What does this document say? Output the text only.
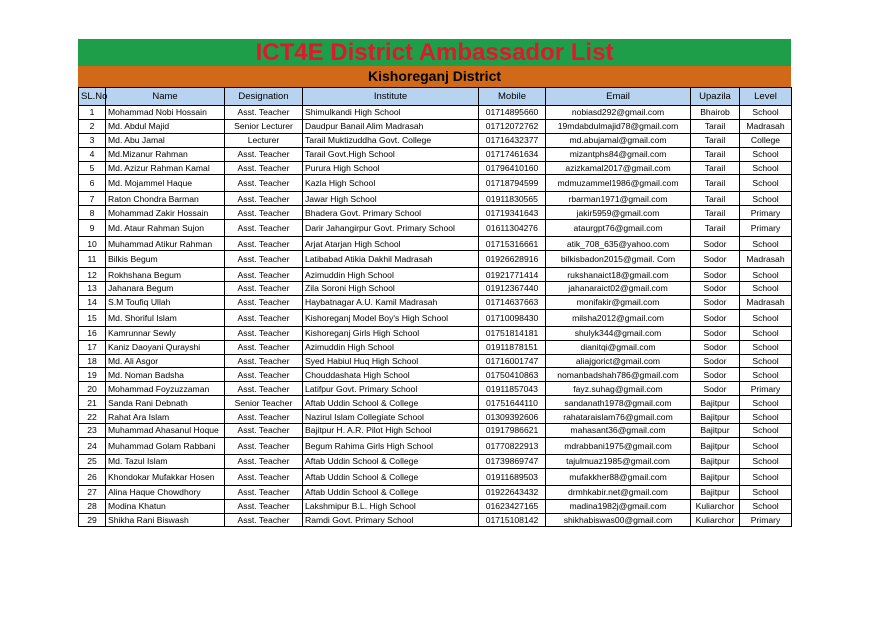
ICT4E District Ambassador List
Kishoreganj District
SL.No	Name	Designation	Institute	Mobile	Email	Upazila	Level
1	Mohammad Nobi Hossain	Asst. Teacher	Shimulkandi High School	01714895660	nobiasd292@gmail.com	Bhairob	School
2	Md. Abdul Majid	Senior Lecturer	Daudpur Banail Alim Madrasah	01712072762	19mdabdulmajid78@gmail.com	Tarail	Madrasah
3	Md. Abu Jamal	Lecturer	Tarail Muktizuddha Govt. College	01716432377	md.abujamal@gmail.com	Tarail	College
4	Md.Mizanur Rahman	Asst. Teacher	Tarail Govt.High School	01717461634	mizantphs84@gmail.com	Tarail	School
5	Md. Azizur Rahman Kamal	Asst. Teacher	Purura High School	01796410160	azizkamal2017@gmail.com	Tarail	School
6	Md. Mojammel Haque	Asst. Teacher	Kazla High School	01718794599	mdmuzammel1986@gmail.com	Tarail	School
7	Raton Chondra Barman	Asst. Teacher	Jawar High School	01911830565	rbarman1971@gmail.com	Tarail	School
8	Mohammad Zakir Hossain	Asst. Teacher	Bhadera Govt. Primary School	01719341643	jakir5959@gmail.com	Tarail	Primary
9	Md. Ataur Rahman Sujon	Asst. Teacher	Darir Jahangirpur Govt. Primary School	01611304276	ataurgpt76@gmail.com	Tarail	Primary
10	Muhammad Atikur Rahman	Asst. Teacher	Arjat Atarjan High School	01715316661	atik_708_635@yahoo.com	Sodor	School
11	Bilkis Begum	Asst. Teacher	Latibabad Atikia Dakhil Madrasah	01926628916	bilkisbadon2015@gmail. Com	Sodor	Madrasah
12	Rokhshana Begum	Asst. Teacher	Azimuddin High School	01921771414	rukshanaict18@gmail.com	Sodor	School
13	Jahanara Begum	Asst. Teacher	Zila Soroni High School	01912367440	jahanaraict02@gmail.com	Sodor	School
14	S.M Toufiq Ullah	Asst. Teacher	Haybatnagar A.U. Kamil Madrasah	01714637663	monifakir@gmail.com	Sodor	Madrasah
15	Md. Shoriful Islam	Asst. Teacher	Kishoreganj Model Boy's High School	01710098430	milsha2012@gmail.com	Sodor	School
16	Kamrunnar Sewly	Asst. Teacher	Kishoreganj Girls High School	01751814181	shulyk344@gmail.com	Sodor	School
17	Kaniz Daoyani Qurayshi	Asst. Teacher	Azimuddin High School	01911878151	dianitqi@gmail.com	Sodor	School
18	Md. Ali Asgor	Asst. Teacher	Syed Habiul Huq High School	01716001747	aliajgorict@gmail.com	Sodor	School
19	Md. Noman Badsha	Asst. Teacher	Chouddashata High School	01750410863	nomanbadshah786@gmail.com	Sodor	School
20	Mohammad Foyzuzzaman	Asst. Teacher	Latifpur Govt. Primary School	01911857043	fayz.suhag@gmail.com	Sodor	Primary
21	Sanda Rani Debnath	Senior Teacher	Aftab Uddin School & College	01751644110	sandanath1978@gmail.com	Bajitpur	School
22	Rahat Ara Islam	Asst. Teacher	Nazirul Islam Collegiate School	01309392606	rahataraislam76@gmail.com	Bajitpur	School
23	Muhammad Ahasanul Hoque	Asst. Teacher	Bajitpur H. A.R. Pilot High School	01917986621	mahasant36@gmail.com	Bajitpur	School
24	Muhammad Golam Rabbani	Asst. Teacher	Begum Rahima Girls High School	01770822913	mdrabbani1975@gmail.com	Bajitpur	School
25	Md. Tazul Islam	Asst. Teacher	Aftab Uddin School & College	01739869747	tajulmuaz1985@gmail.com	Bajitpur	School
26	Khondokar Mufakkar Hosen	Asst. Teacher	Aftab Uddin School & College	01911689503	mufakkher88@gmail.com	Bajitpur	School
27	Alina Haque Chowdhory	Asst. Teacher	Aftab Uddin School & College	01922643432	drmhkabir.net@gmail.com	Bajitpur	School
28	Modina Khatun	Asst. Teacher	Lakshmipur B.L. High School	01623427165	madina1982j@gmail.com	Kuliarchor	School
29	Shikha Rani Biswash	Asst. Teacher	Ramdi Govt. Primary School	01715108142	shikhabiswas00@gmail.com	Kuliarchor	Primary
